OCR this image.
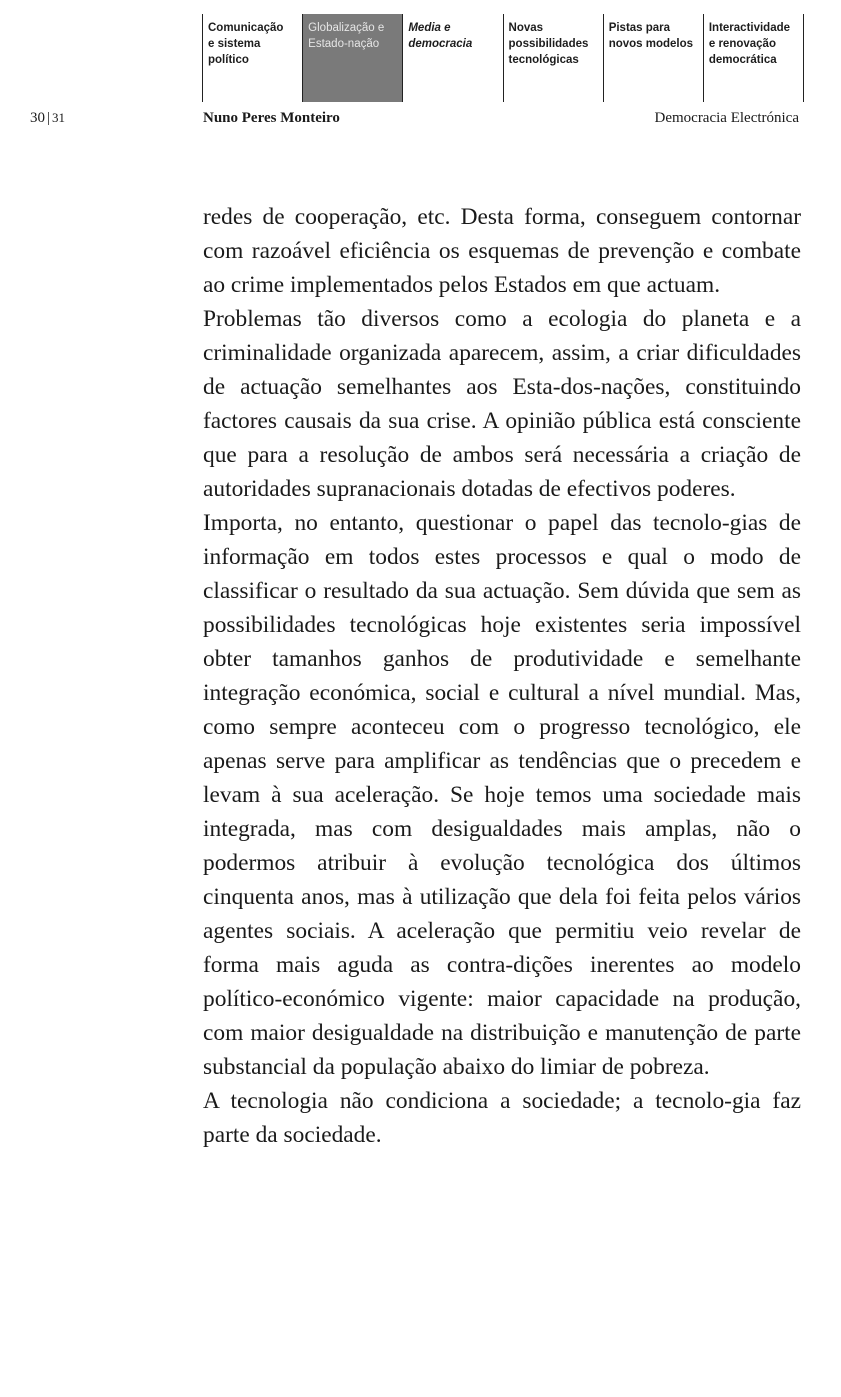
Comunicação
e sistema
político
Globalização e
Estado-nação
Media e
democracia
Novas
possibilidades
tecnológicas
Pistas para
novos modelos
Interactividade
e renovação
democrática
30 | 31	Nuno Peres Monteiro	Democracia Electrónica

redes de cooperação, etc. Desta forma, conseguem contornar com razoável eficiência os esquemas de prevenção e combate ao crime implementados pelos Estados em que actuam.

Problemas tão diversos como a ecologia do planeta e a criminalidade organizada aparecem, assim, a criar dificuldades de actuação semelhantes aos Esta-dos-nações, constituindo factores causais da sua crise. A opinião pública está consciente que para a resolução de ambos será necessária a criação de autoridades supranacionais dotadas de efectivos poderes.

Importa, no entanto, questionar o papel das tecnolo-gias de informação em todos estes processos e qual o modo de classificar o resultado da sua actuação. Sem dúvida que sem as possibilidades tecnológicas hoje existentes seria impossível obter tamanhos ganhos de produtividade e semelhante integração económica, social e cultural a nível mundial. Mas, como sempre aconteceu com o progresso tecnológico, ele apenas serve para amplificar as tendências que o precedem e levam à sua aceleração. Se hoje temos uma sociedade mais integrada, mas com desigualdades mais amplas, não o podermos atribuir à evolução tecnológica dos últimos cinquenta anos, mas à utilização que dela foi feita pelos vários agentes sociais. A aceleração que permitiu veio revelar de forma mais aguda as contra-dições inerentes ao modelo político-económico vigente: maior capacidade na produção, com maior desigualdade na distribuição e manutenção de parte substancial da população abaixo do limiar de pobreza.

A tecnologia não condiciona a sociedade; a tecnolo-gia faz parte da sociedade.
